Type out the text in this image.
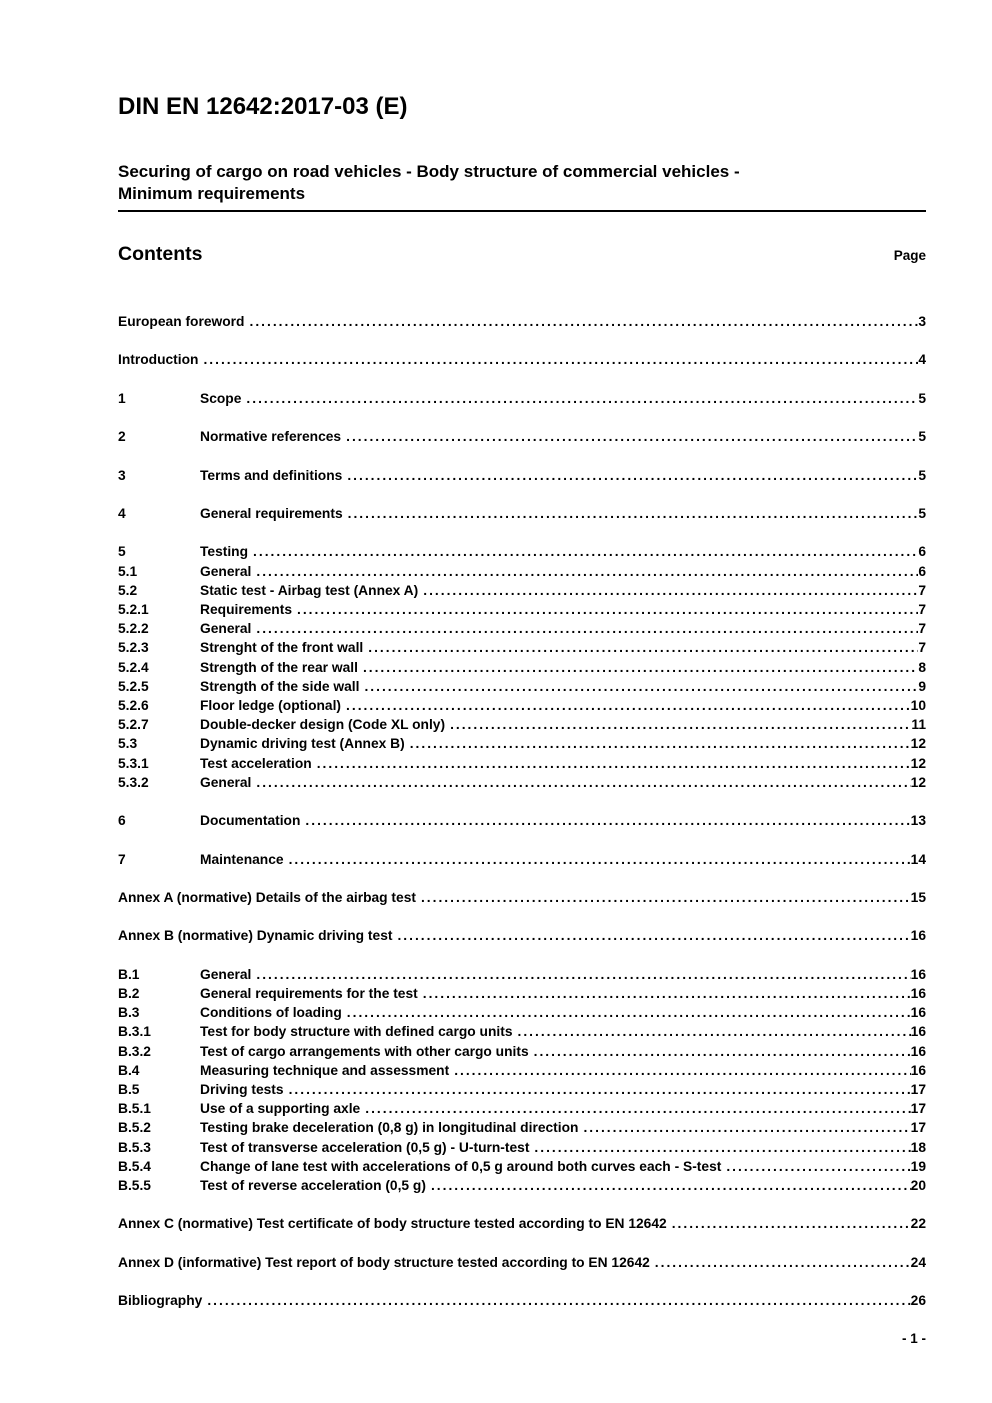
DIN EN 12642:2017-03 (E)
Securing of cargo on road vehicles - Body structure of commercial vehicles -
Minimum requirements
Contents	Page
European foreword .....	3
Introduction .....	4
1	Scope .....	5
2	Normative references .....	5
3	Terms and definitions .....	5
4	General requirements .....	5
5	Testing .....	6
5.1	General .....	6
5.2	Static test - Airbag test (Annex A) .....	7
5.2.1	Requirements .....	7
5.2.2	General .....	7
5.2.3	Strenght of the front wall .....	7
5.2.4	Strength of the rear wall .....	8
5.2.5	Strength of the side wall .....	9
5.2.6	Floor ledge (optional) .....	10
5.2.7	Double-decker design (Code XL only) .....	11
5.3	Dynamic driving test (Annex B) .....	12
5.3.1	Test acceleration .....	12
5.3.2	General .....	12
6	Documentation .....	13
7	Maintenance .....	14
Annex A (normative) Details of the airbag test .....	15
Annex B (normative) Dynamic driving test .....	16
B.1	General .....	16
B.2	General requirements for the test .....	16
B.3	Conditions of loading .....	16
B.3.1	Test for body structure with defined cargo units .....	16
B.3.2	Test of cargo arrangements with other cargo units .....	16
B.4	Measuring technique and assessment .....	16
B.5	Driving tests .....	17
B.5.1	Use of a supporting axle .....	17
B.5.2	Testing brake deceleration (0,8 g) in longitudinal direction .....	17
B.5.3	Test of transverse acceleration (0,5 g) - U-turn-test .....	18
B.5.4	Change of lane test with accelerations of 0,5 g around both curves each - S-test .....	19
B.5.5	Test of reverse acceleration (0,5 g) .....	20
Annex C (normative) Test certificate of body structure tested according to EN 12642 .....	22
Annex D (informative) Test report of body structure tested according to EN 12642 .....	24
Bibliography .....	26
- 1 -
